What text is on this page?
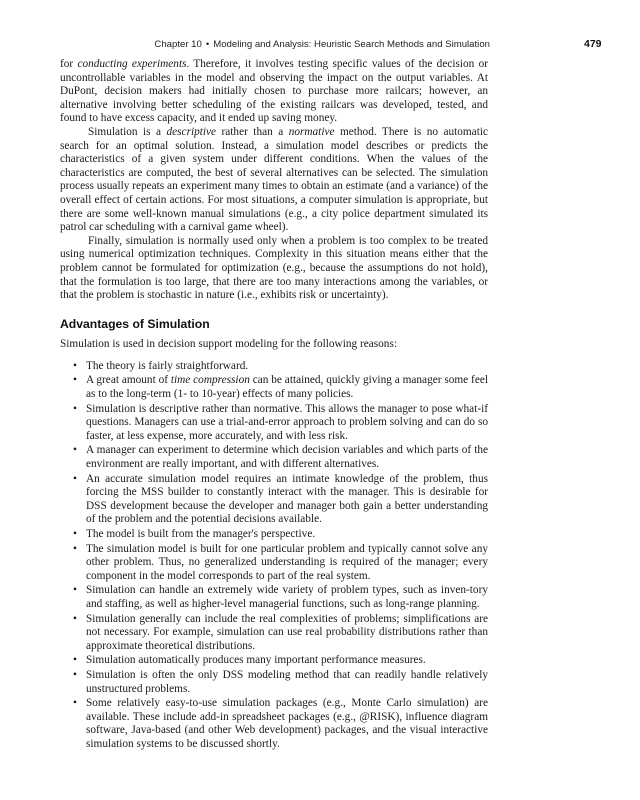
Chapter 10 • Modeling and Analysis: Heuristic Search Methods and Simulation	479

for conducting experiments. Therefore, it involves testing specific values of the decision or uncontrollable variables in the model and observing the impact on the output variables. At DuPont, decision makers had initially chosen to purchase more railcars; however, an alternative involving better scheduling of the existing railcars was developed, tested, and found to have excess capacity, and it ended up saving money.

Simulation is a descriptive rather than a normative method. There is no automatic search for an optimal solution. Instead, a simulation model describes or predicts the characteristics of a given system under different conditions. When the values of the characteristics are computed, the best of several alternatives can be selected. The simulation process usually repeats an experiment many times to obtain an estimate (and a variance) of the overall effect of certain actions. For most situations, a computer simulation is appropriate, but there are some well-known manual simulations (e.g., a city police department simulated its patrol car scheduling with a carnival game wheel).

Finally, simulation is normally used only when a problem is too complex to be treated using numerical optimization techniques. Complexity in this situation means either that the problem cannot be formulated for optimization (e.g., because the assumptions do not hold), that the formulation is too large, that there are too many interactions among the variables, or that the problem is stochastic in nature (i.e., exhibits risk or uncertainty).

Advantages of Simulation

Simulation is used in decision support modeling for the following reasons:

• The theory is fairly straightforward.
• A great amount of time compression can be attained, quickly giving a manager some feel as to the long-term (1- to 10-year) effects of many policies.
• Simulation is descriptive rather than normative. This allows the manager to pose what-if questions. Managers can use a trial-and-error approach to problem solving and can do so faster, at less expense, more accurately, and with less risk.
• A manager can experiment to determine which decision variables and which parts of the environment are really important, and with different alternatives.
• An accurate simulation model requires an intimate knowledge of the problem, thus forcing the MSS builder to constantly interact with the manager. This is desirable for DSS development because the developer and manager both gain a better understanding of the problem and the potential decisions available.
• The model is built from the manager's perspective.
• The simulation model is built for one particular problem and typically cannot solve any other problem. Thus, no generalized understanding is required of the manager; every component in the model corresponds to part of the real system.
• Simulation can handle an extremely wide variety of problem types, such as inven-tory and staffing, as well as higher-level managerial functions, such as long-range planning.
• Simulation generally can include the real complexities of problems; simplifications are not necessary. For example, simulation can use real probability distributions rather than approximate theoretical distributions.
• Simulation automatically produces many important performance measures.
• Simulation is often the only DSS modeling method that can readily handle relatively unstructured problems.
• Some relatively easy-to-use simulation packages (e.g., Monte Carlo simulation) are available. These include add-in spreadsheet packages (e.g., @RISK), influence diagram software, Java-based (and other Web development) packages, and the visual interactive simulation systems to be discussed shortly.
